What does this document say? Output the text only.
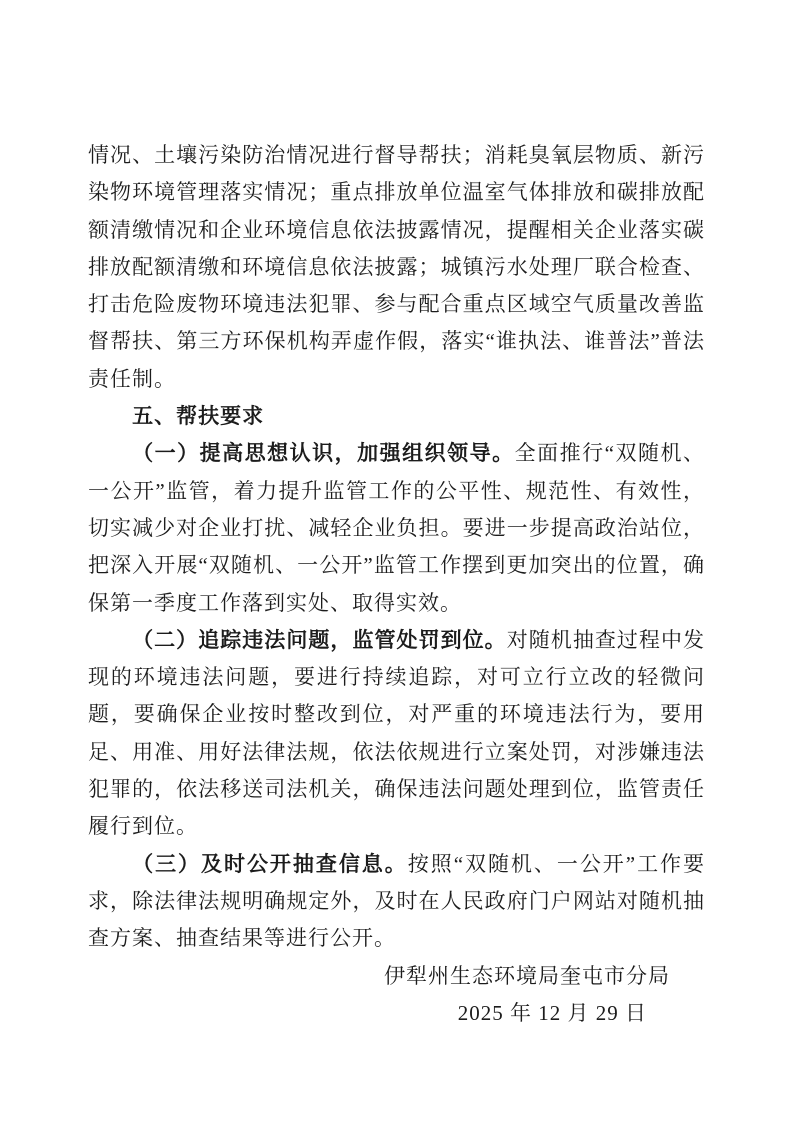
情况、土壤污染防治情况进行督导帮扶；消耗臭氧层物质、新污染物环境管理落实情况；重点排放单位温室气体排放和碳排放配额清缴情况和企业环境信息依法披露情况，提醒相关企业落实碳排放配额清缴和环境信息依法披露；城镇污水处理厂联合检查、打击危险废物环境违法犯罪、参与配合重点区域空气质量改善监督帮扶、第三方环保机构弄虚作假，落实“谁执法、谁普法”普法责任制。

五、帮扶要求

（一）提高思想认识，加强组织领导。全面推行“双随机、一公开”监管，着力提升监管工作的公平性、规范性、有效性，切实减少对企业打扰、减轻企业负担。要进一步提高政治站位，把深入开展“双随机、一公开”监管工作摆到更加突出的位置，确保第一季度工作落到实处、取得实效。

（二）追踪违法问题，监管处罚到位。对随机抽查过程中发现的环境违法问题，要进行持续追踪，对可立行立改的轻微问题，要确保企业按时整改到位，对严重的环境违法行为，要用足、用准、用好法律法规，依法依规进行立案处罚，对涉嫌违法犯罪的，依法移送司法机关，确保违法问题处理到位，监管责任履行到位。

（三）及时公开抽查信息。按照“双随机、一公开”工作要求，除法律法规明确规定外，及时在人民政府门户网站对随机抽查方案、抽查结果等进行公开。

伊犁州生态环境局奎屯市分局

2025 年 12 月 29 日
